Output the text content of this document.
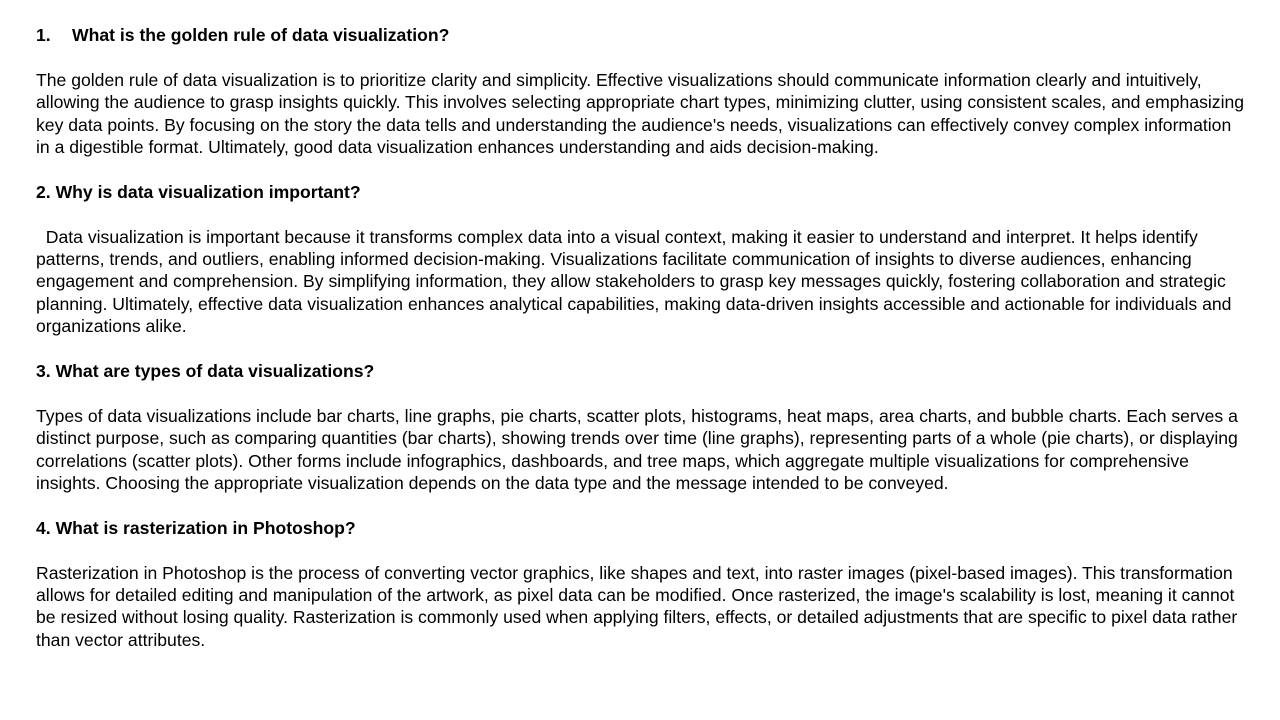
1. What is the golden rule of data visualization?
The golden rule of data visualization is to prioritize clarity and simplicity. Effective visualizations should communicate information clearly and intuitively, allowing the audience to grasp insights quickly. This involves selecting appropriate chart types, minimizing clutter, using consistent scales, and emphasizing key data points. By focusing on the story the data tells and understanding the audience's needs, visualizations can effectively convey complex information in a digestible format. Ultimately, good data visualization enhances understanding and aids decision-making.
2. Why is data visualization important?
Data visualization is important because it transforms complex data into a visual context, making it easier to understand and interpret. It helps identify patterns, trends, and outliers, enabling informed decision-making. Visualizations facilitate communication of insights to diverse audiences, enhancing engagement and comprehension. By simplifying information, they allow stakeholders to grasp key messages quickly, fostering collaboration and strategic planning. Ultimately, effective data visualization enhances analytical capabilities, making data-driven insights accessible and actionable for individuals and organizations alike.
3. What are types of data visualizations?
Types of data visualizations include bar charts, line graphs, pie charts, scatter plots, histograms, heat maps, area charts, and bubble charts. Each serves a distinct purpose, such as comparing quantities (bar charts), showing trends over time (line graphs), representing parts of a whole (pie charts), or displaying correlations (scatter plots). Other forms include infographics, dashboards, and tree maps, which aggregate multiple visualizations for comprehensive insights. Choosing the appropriate visualization depends on the data type and the message intended to be conveyed.
4. What is rasterization in Photoshop?
Rasterization in Photoshop is the process of converting vector graphics, like shapes and text, into raster images (pixel-based images). This transformation allows for detailed editing and manipulation of the artwork, as pixel data can be modified. Once rasterized, the image's scalability is lost, meaning it cannot be resized without losing quality. Rasterization is commonly used when applying filters, effects, or detailed adjustments that are specific to pixel data rather than vector attributes.
